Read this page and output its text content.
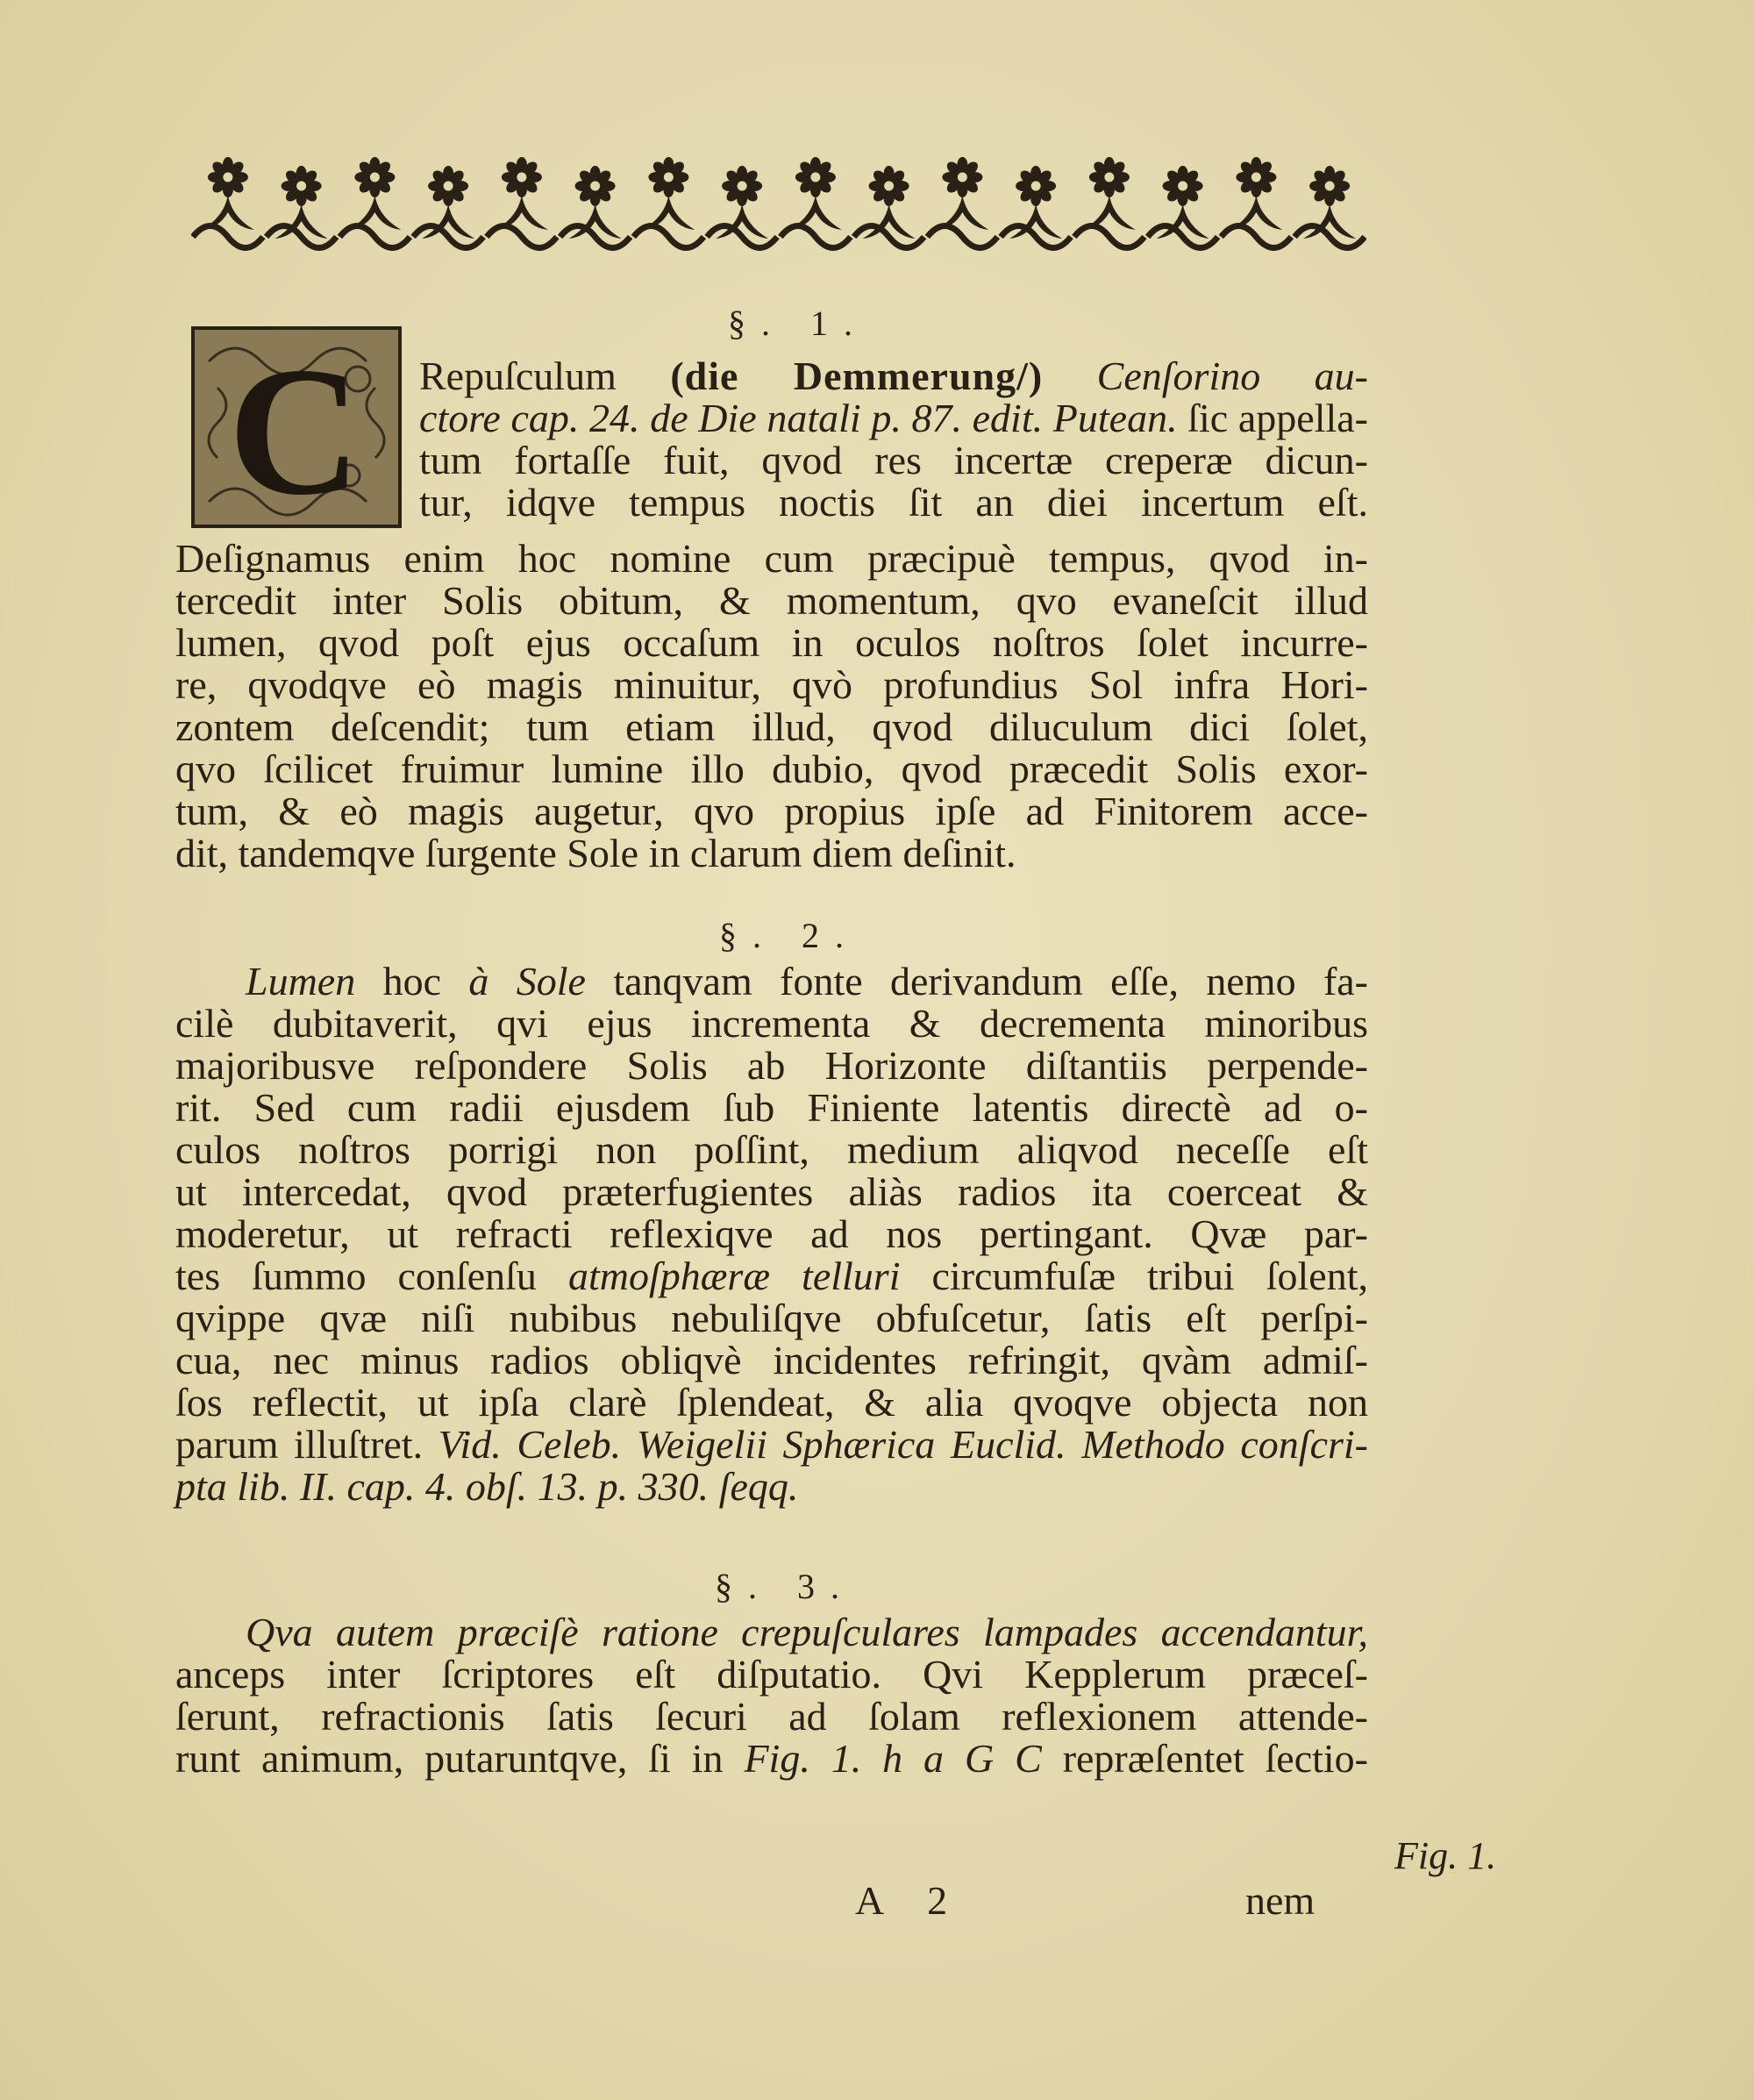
§. 1.
C Repuſculum (die Demmerung/) Cenſorino au-
ctore cap. 24. de Die natali p. 87. edit. Putean. ſic appella-
tum fortaſſe fuit, qvod res incertæ creperæ dicun-
tur, idqve tempus noctis ſit an diei incertum eſt.
Deſignamus enim hoc nomine cum præcipuè tempus, qvod in-
tercedit inter Solis obitum, & momentum, qvo evaneſcit illud
lumen, qvod poſt ejus occaſum in oculos noſtros ſolet incurre-
re, qvodqve eò magis minuitur, qvò profundius Sol infra Hori-
zontem deſcendit; tum etiam illud, qvod diluculum dici ſolet,
qvo ſcilicet fruimur lumine illo dubio, qvod præcedit Solis exor-
tum, & eò magis augetur, qvo propius ipſe ad Finitorem acce-
dit, tandemqve ſurgente Sole in clarum diem deſinit.
§. 2.
Lumen hoc à Sole tanqvam fonte derivandum eſſe, nemo fa-
cilè dubitaverit, qvi ejus incrementa & decrementa minoribus
majoribusve reſpondere Solis ab Horizonte diſtantiis perpende-
rit. Sed cum radii ejusdem ſub Finiente latentis directè ad o-
culos noſtros porrigi non poſſint, medium aliqvod neceſſe eſt
ut intercedat, qvod præterfugientes aliàs radios ita coerceat &
moderetur, ut refracti reflexiqve ad nos pertingant. Qvæ par-
tes ſummo conſenſu atmoſphæræ telluri circumfuſæ tribui ſolent,
qvippe qvæ niſi nubibus nebuliſqve obfuſcetur, ſatis eſt perſpi-
cua, nec minus radios obliqvè incidentes refringit, qvàm admiſ-
ſos reflectit, ut ipſa clarè ſplendeat, & alia qvoqve objecta non
parum illuſtret. Vid. Celeb. Weigelii Sphærica Euclid. Methodo conſcri-
pta lib. II. cap. 4. obſ. 13. p. 330. ſeqq.
§. 3.
Qva autem præciſè ratione crepuſculares lampades accendantur,
anceps inter ſcriptores eſt diſputatio. Qvi Kepplerum præceſ-
ſerunt, refractionis ſatis ſecuri ad ſolam reflexionem attende-
runt animum, putaruntqve, ſi in Fig. 1. h a G C repræſentet ſectio-
Fig. 1.
A 2	nem
